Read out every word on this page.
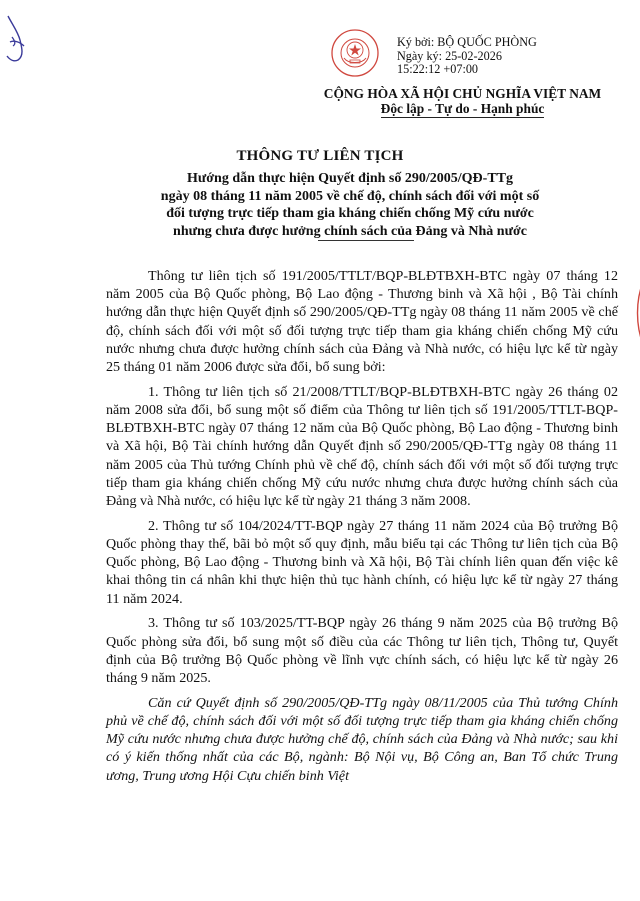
Ký bởi: BỘ QUỐC PHÒNG
Ngày ký: 25-02-2026
15:22:12 +07:00
CỘNG HÒA XÃ HỘI CHỦ NGHĨA VIỆT NAM
Độc lập - Tự do - Hạnh phúc
THÔNG TƯ LIÊN TỊCH
Hướng dẫn thực hiện Quyết định số 290/2005/QĐ-TTg
ngày 08 tháng 11 năm 2005 về chế độ, chính sách đối với một số
đối tượng trực tiếp tham gia kháng chiến chống Mỹ cứu nước
nhưng chưa được hưởng chính sách của Đảng và Nhà nước

Thông tư liên tịch số 191/2005/TTLT/BQP-BLĐTBXH-BTC ngày 07 tháng 12 năm 2005 của Bộ Quốc phòng, Bộ Lao động - Thương binh và Xã hội , Bộ Tài chính hướng dẫn thực hiện Quyết định số 290/2005/QĐ-TTg ngày 08 tháng 11 năm 2005 về chế độ, chính sách đối với một số đối tượng trực tiếp tham gia kháng chiến chống Mỹ cứu nước nhưng chưa được hưởng chính sách của Đảng và Nhà nước, có hiệu lực kể từ ngày 25 tháng 01 năm 2006 được sửa đổi, bổ sung bởi:

1. Thông tư liên tịch số 21/2008/TTLT/BQP-BLĐTBXH-BTC ngày 26 tháng 02 năm 2008 sửa đổi, bổ sung một số điểm của Thông tư liên tịch số 191/2005/TTLT-BQP-BLĐTBXH-BTC ngày 07 tháng 12 năm của Bộ Quốc phòng, Bộ Lao động - Thương binh và Xã hội, Bộ Tài chính hướng dẫn Quyết định số 290/2005/QĐ-TTg ngày 08 tháng 11 năm 2005 của Thủ tướng Chính phủ về chế độ, chính sách đối với một số đối tượng trực tiếp tham gia kháng chiến chống Mỹ cứu nước nhưng chưa được hưởng chính sách của Đảng và Nhà nước, có hiệu lực kể từ ngày 21 tháng 3 năm 2008.

2. Thông tư số 104/2024/TT-BQP ngày 27 tháng 11 năm 2024 của Bộ trưởng Bộ Quốc phòng thay thế, bãi bỏ một số quy định, mẫu biểu tại các Thông tư liên tịch của Bộ Quốc phòng, Bộ Lao động - Thương binh và Xã hội, Bộ Tài chính liên quan đến việc kê khai thông tin cá nhân khi thực hiện thủ tục hành chính, có hiệu lực kể từ ngày 27 tháng 11 năm 2024.

3. Thông tư số 103/2025/TT-BQP ngày 26 tháng 9 năm 2025 của Bộ trưởng Bộ Quốc phòng sửa đổi, bổ sung một số điều của các Thông tư liên tịch, Thông tư, Quyết định của Bộ trưởng Bộ Quốc phòng về lĩnh vực chính sách, có hiệu lực kể từ ngày 26 tháng 9 năm 2025.

Căn cứ Quyết định số 290/2005/QĐ-TTg ngày 08/11/2005 của Thủ tướng Chính phủ về chế độ, chính sách đối với một số đối tượng trực tiếp tham gia kháng chiến chống Mỹ cứu nước nhưng chưa được hưởng chế độ, chính sách của Đảng và Nhà nước; sau khi có ý kiến thống nhất của các Bộ, ngành: Bộ Nội vụ, Bộ Công an, Ban Tổ chức Trung ương, Trung ương Hội Cựu chiến binh Việt
